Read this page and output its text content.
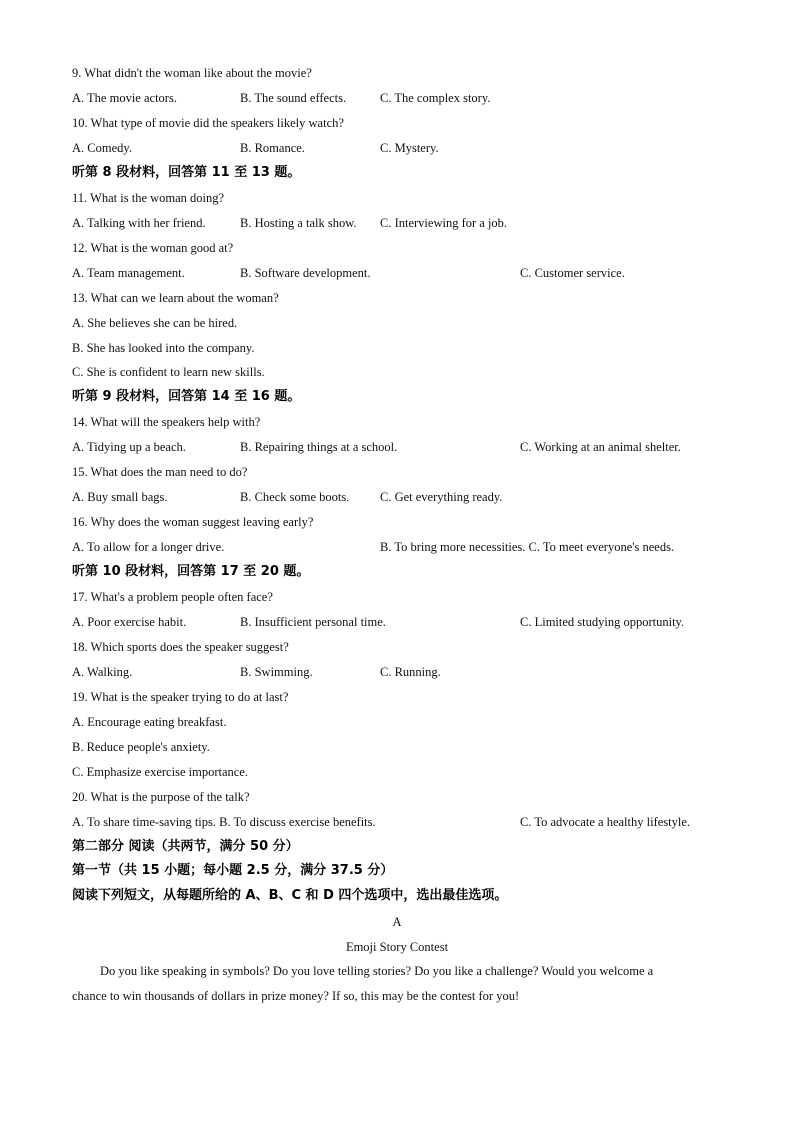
9. What didn't the woman like about the movie?
A. The movie actors.	B. The sound effects.	C. The complex story.
10. What type of movie did the speakers likely watch?
A. Comedy.	B. Romance.	C. Mystery.
听第 8 段材料，回答第 11 至 13 题。
11. What is the woman doing?
A. Talking with her friend.	B. Hosting a talk show. C. Interviewing for a job.
12. What is the woman good at?
A. Team management.	B. Software development.	C. Customer service.
13. What can we learn about the woman?
A. She believes she can be hired.
B. She has looked into the company.
C. She is confident to learn new skills.
听第 9 段材料，回答第 14 至 16 题。
14. What will the speakers help with?
A. Tidying up a beach.	B. Repairing things at a school.	C. Working at an animal shelter.
15. What does the man need to do?
A. Buy small bags.	B. Check some boots. C. Get everything ready.
16. Why does the woman suggest leaving early?
A. To allow for a longer drive.	B. To bring more necessities. C. To meet everyone's needs.
听第 10 段材料，回答第 17 至 20 题。
17. What's a problem people often face?
A. Poor exercise habit.	B. Insufficient personal time.	C. Limited studying opportunity.
18. Which sports does the speaker suggest?
A. Walking.	B. Swimming.	C. Running.
19. What is the speaker trying to do at last?
A. Encourage eating breakfast.
B. Reduce people's anxiety.
C. Emphasize exercise importance.
20. What is the purpose of the talk?
A. To share time-saving tips. B. To discuss exercise benefits.	C. To advocate a healthy lifestyle.
第二部分 阅读（共两节，满分 50 分）
第一节（共 15 小题；每小题 2.5 分，满分 37.5 分）
阅读下列短文，从每题所给的 A、B、C 和 D 四个选项中，选出最佳选项。
A
Emoji Story Contest
Do you like speaking in symbols? Do you love telling stories? Do you like a challenge? Would you welcome a
chance to win thousands of dollars in prize money? If so, this may be the contest for you!
